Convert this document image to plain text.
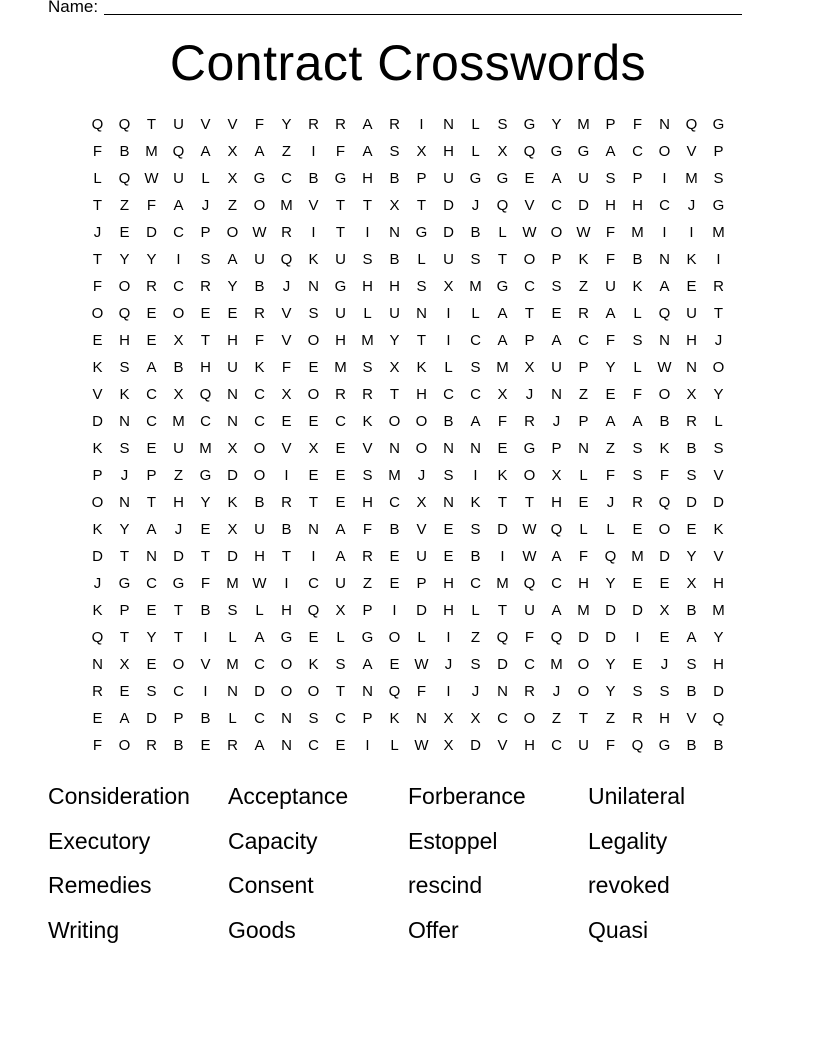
Name:
Contract Crosswords
Q	Q	T	U	V	V	F	Y	R	R	A	R	I	N	L	S	G	Y	M	P	F	N	Q	G
F	B	M Q	A	X	A	Z	I	F	A	S	X	H	L	X	Q	G	G	A	C	O	V	P
L	Q W U	L	X	G	C	B	G	H	B	P	U	G	G	E	A	U	S	P	I	M	S
T	Z	F	A	J	Z	O M	V	T	T	X	T	D	J	Q	V	C	D	H	H	C	J	G
J	E	D	C	P	O W R	I	T	I	N	G	D	B	L	W O W	F	M	I	I	M
T	Y	Y	I	S	A	U	Q	K	U	S	B	L	U	S	T	O	P	K	F	B	N	K	I
F	O	R	C	R	Y	B	J	N	G	H	H	S	X	M G	C	S	Z	U	K	A	E	R
O	Q	E	O	E	E	R	V	S	U	L	U	N	I	L	A	T	E	R	A	L	Q	U	T
E	H	E	X	T	H	F	V	O	H	M	Y	T	I	C	A	P	A	C	F	S	N	H	J
K	S	A	B	H	U	K	F	E	M	S	X	K	L	S	M	X	U	P	Y	L	W N	O
V	K	C	X	Q	N	C	X	O	R	R	T	H	C	C	X	J	N	Z	E	F	O	X	Y
D	N	C	M	C	N	C	E	E	C	K	O	O	B	A	F	R	J	P	A	A	B	R	L
K	S	E	U	M	X	O	V	X	E	V	N	O	N	N	E	G	P	N	Z	S	K	B	S
P	J	P	Z	G	D	O	I	E	E	S	M	J	S	I	K	O	X	L	F	S	F	S	V
O	N	T	H	Y	K	B	R	T	E	H	C	X	N	K	T	T	H	E	J	R	Q	D	D
K	Y	A	J	E	X	U	B	N	A	F	B	V	E	S	D W Q	L	L	E	O	E	K
D	T	N	D	T	D	H	T	I	A	R	E	U	E	B	I	W A	F	Q M	D	Y	V
J	G	C	G	F	M W	I	C	U	Z	E	P	H	C	M Q	C	H	Y	E	E	X	H
K	P	E	T	B	S	L	H	Q	X	P	I	D	H	L	T	U	A	M	D	D	X	B	M
Q	T	Y	T	I	L	A	G	E	L	G	O	L	I	Z	Q	F	Q	D	D	I	E	A	Y
N	X	E	O	V	M	C	O	K	S	A	E W	J	S	D	C	M O	Y	E	J	S	H
R	E	S	C	I	N	D	O	O	T	N	Q	F	I	J	N	R	J	O	Y	S	S	B	D
E	A	D	P	B	L	C	N	S	C	P	K	N	X	X	C	O	Z	T	Z	R	H	V	Q
F	O	R	B	E	R	A	N	C	E	I	L	W X	D	V	H	C	U	F	Q	G	B	B
Consideration	Acceptance	Forberance	Unilateral
Executory	Capacity	Estoppel	Legality
Remedies	Consent	rescind	revoked
Writing	Goods	Offer	Quasi
